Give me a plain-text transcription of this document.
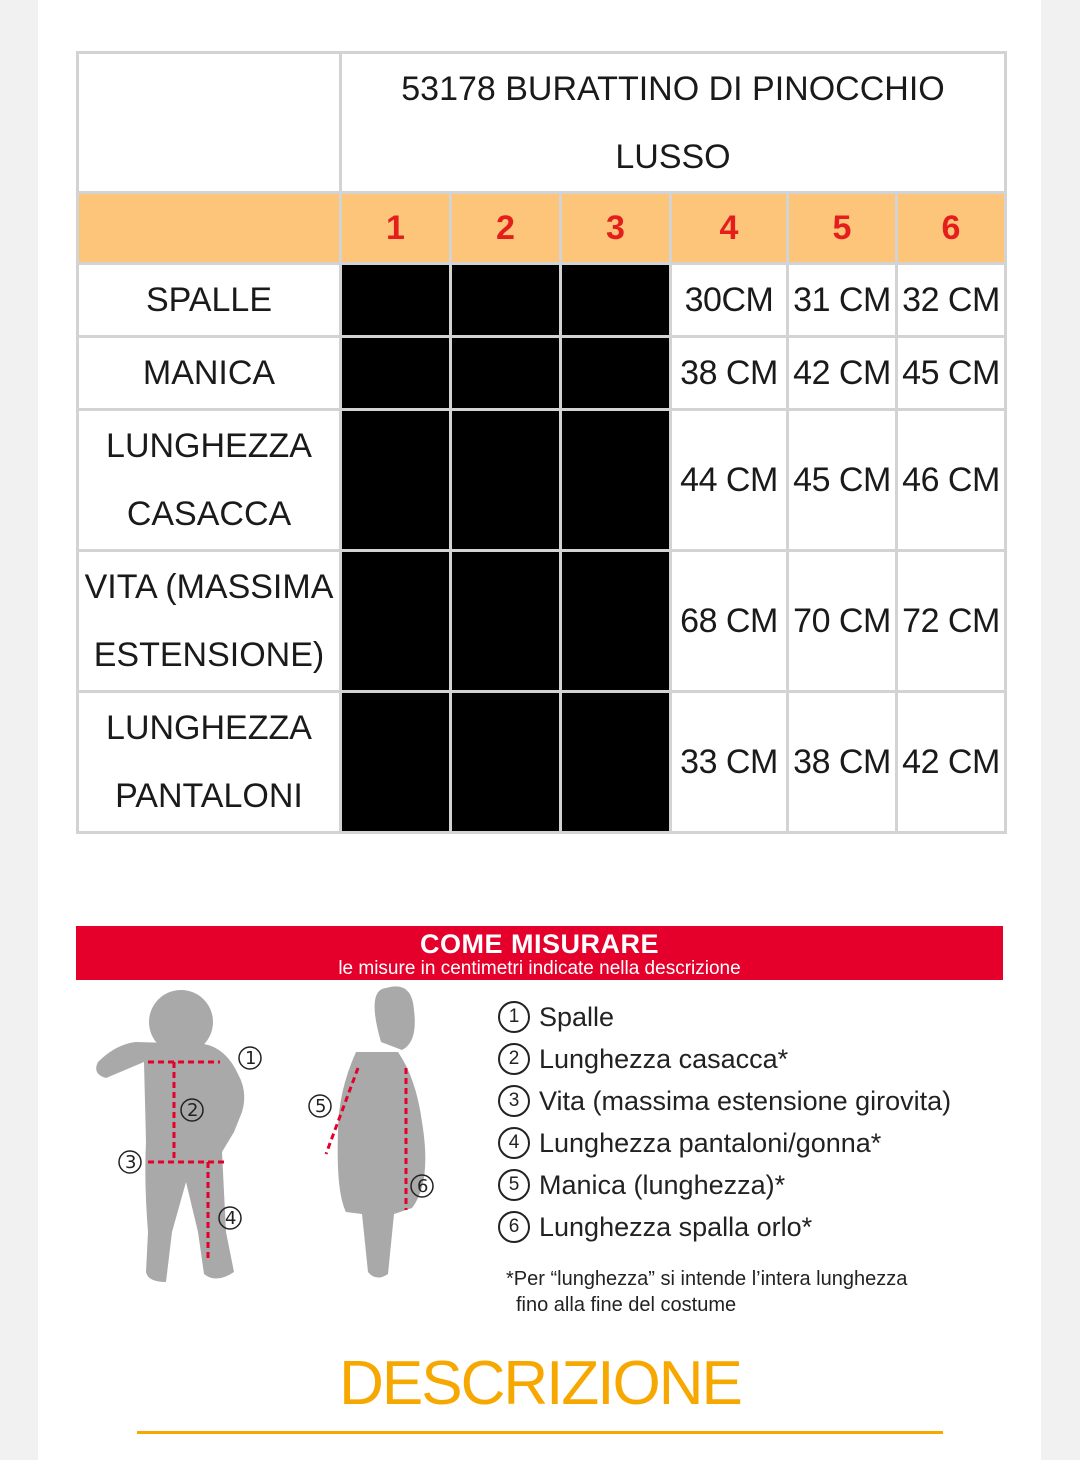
	53178 BURATTINO DI PINOCCHIO LUSSO					
	1	2	3	4	5	6
SPALLE				30CM	31 CM	32 CM
MANICA				38 CM	42 CM	45 CM
LUNGHEZZA CASACCA				44 CM	45 CM	46 CM
VITA (MASSIMA ESTENSIONE)				68 CM	70 CM	72 CM
LUNGHEZZA PANTALONI				33 CM	38 CM	42 CM
COME MISURARE
le misure in centimetri indicate nella descrizione
1
2
3
4
5
6
1 Spalle
2 Lunghezza casacca*
3 Vita (massima estensione girovita)
4 Lunghezza pantaloni/gonna*
5 Manica (lunghezza)*
6 Lunghezza spalla orlo*
*Per “lunghezza” si intende l’intera lunghezza
fino alla fine del costume
DESCRIZIONE
